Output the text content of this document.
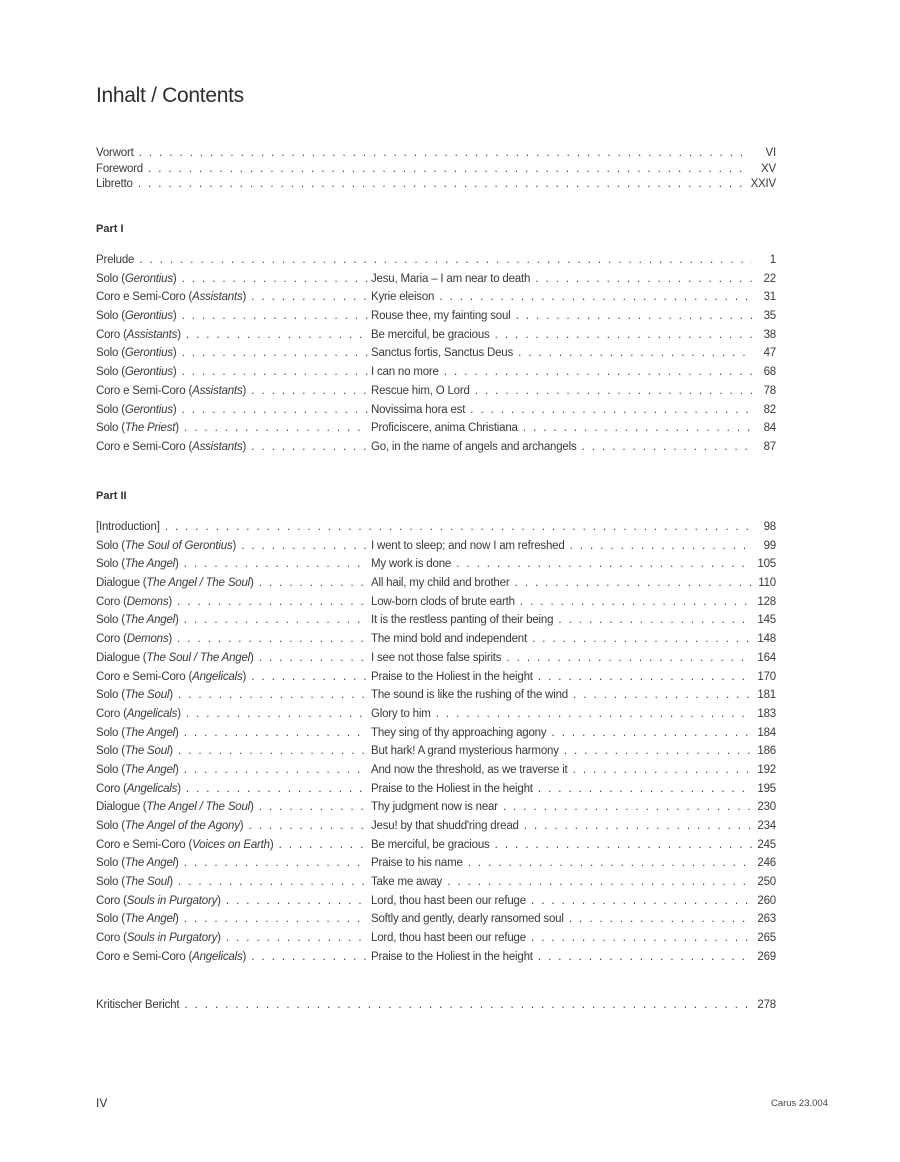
Inhalt / Contents
Vorwort . . .	VI
Foreword . . .	XV
Libretto . . .	XXIV
Part I
Prelude . . .	1
Solo (Gerontius) . . .	Jesu, Maria – I am near to death . . .	22
Coro e Semi-Coro (Assistants) . . .	Kyrie eleison . . .	31
Solo (Gerontius) . . .	Rouse thee, my fainting soul . . .	35
Coro (Assistants) . . .	Be merciful, be gracious . . .	38
Solo (Gerontius) . . .	Sanctus fortis, Sanctus Deus . . .	47
Solo (Gerontius) . . .	I can no more . . .	68
Coro e Semi-Coro (Assistants) . . .	Rescue him, O Lord . . .	78
Solo (Gerontius) . . .	Novissima hora est . . .	82
Solo (The Priest) . . .	Proficiscere, anima Christiana . . .	84
Coro e Semi-Coro (Assistants) . . .	Go, in the name of angels and archangels . . .	87
Part II
[Introduction] . . .	98
Solo (The Soul of Gerontius) . . .	I went to sleep; and now I am refreshed . . .	99
Solo (The Angel) . . .	My work is done . . .	105
Dialogue (The Angel / The Soul) . . .	All hail, my child and brother . . .	110
Coro (Demons) . . .	Low-born clods of brute earth . . .	128
Solo (The Angel) . . .	It is the restless panting of their being . . .	145
Coro (Demons) . . .	The mind bold and independent . . .	148
Dialogue (The Soul / The Angel) . . .	I see not those false spirits . . .	164
Coro e Semi-Coro (Angelicals) . . .	Praise to the Holiest in the height . . .	170
Solo (The Soul) . . .	The sound is like the rushing of the wind . . .	181
Coro (Angelicals) . . .	Glory to him . . .	183
Solo (The Angel) . . .	They sing of thy approaching agony . . .	184
Solo (The Soul) . . .	But hark! A grand mysterious harmony . . .	186
Solo (The Angel) . . .	And now the threshold, as we traverse it . . .	192
Coro (Angelicals) . . .	Praise to the Holiest in the height . . .	195
Dialogue (The Angel / The Soul) . . .	Thy judgment now is near . . .	230
Solo (The Angel of the Agony) . . .	Jesu! by that shudd'ring dread . . .	234
Coro e Semi-Coro (Voices on Earth) . . .	Be merciful, be gracious . . .	245
Solo (The Angel) . . .	Praise to his name . . .	246
Solo (The Soul) . . .	Take me away . . .	250
Coro (Souls in Purgatory) . . .	Lord, thou hast been our refuge . . .	260
Solo (The Angel) . . .	Softly and gently, dearly ransomed soul . . .	263
Coro (Souls in Purgatory) . . .	Lord, thou hast been our refuge . . .	265
Coro e Semi-Coro (Angelicals) . . .	Praise to the Holiest in the height . . .	269
Kritischer Bericht . . .	278
IV	Carus 23.004
